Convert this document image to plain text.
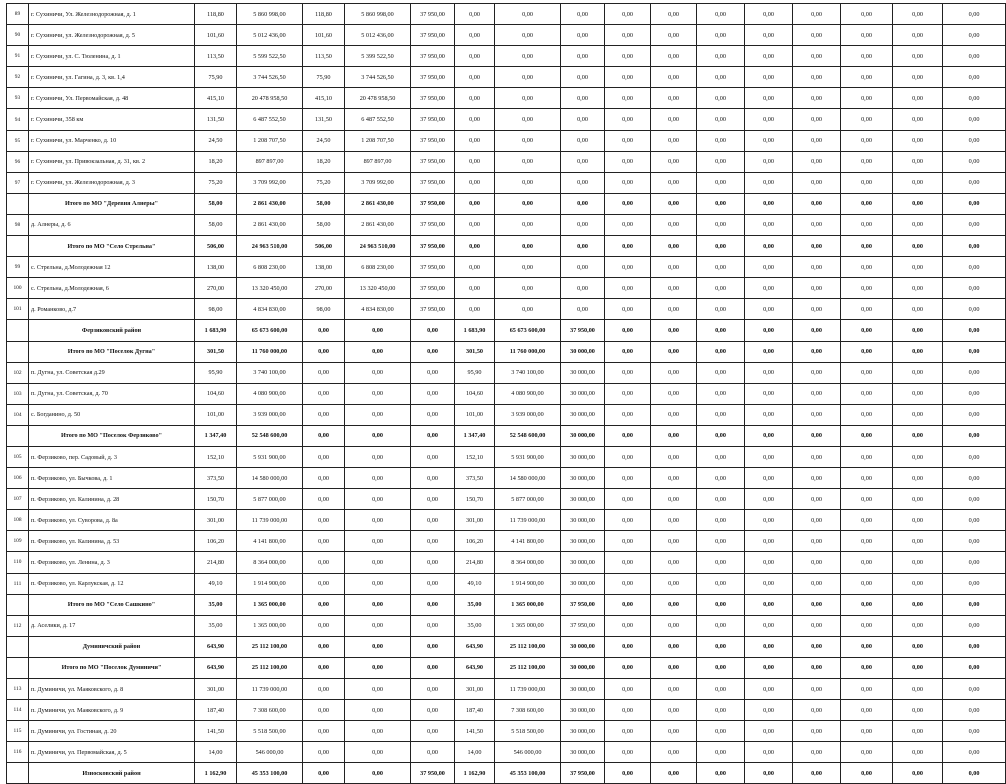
89	г. Сухиничи, Ул. Железнодорожная, д. 1	118,80	5 860 998,00	118,80	5 860 998,00	37 950,00	0,00	0,00	0,00	0,00	0,00	0,00	0,00	0,00	0,00	0,00	0,00
90	г. Сухиничи, ул. Железнодорожная, д. 5	101,60	5 012 436,00	101,60	5 012 436,00	37 950,00	0,00	0,00	0,00	0,00	0,00	0,00	0,00	0,00	0,00	0,00	0,00
91	г. Сухиничи, ул. С. Тюленина, д. 1	113,50	5 599 522,50	113,50	5 399 522,50	37 950,00	0,00	0,00	0,00	0,00	0,00	0,00	0,00	0,00	0,00	0,00	0,00
92	г. Сухиничи, ул. Гагина, д. 3, кв. 1,4	75,90	3 744 526,50	75,90	3 744 526,50	37 950,00	0,00	0,00	0,00	0,00	0,00	0,00	0,00	0,00	0,00	0,00	0,00
93	г. Сухиничи, Ул. Первомайская, д. 48	415,10	20 478 958,50	415,10	20 478 958,50	37 950,00	0,00	0,00	0,00	0,00	0,00	0,00	0,00	0,00	0,00	0,00	0,00
94	г. Сухиничи, 358 км	131,50	6 487 552,50	131,50	6 487 552,50	37 950,00	0,00	0,00	0,00	0,00	0,00	0,00	0,00	0,00	0,00	0,00	0,00
95	г. Сухиничи, ул. Марченко, д. 10	24,50	1 208 707,50	24,50	1 208 707,50	37 950,00	0,00	0,00	0,00	0,00	0,00	0,00	0,00	0,00	0,00	0,00	0,00
96	г. Сухиничи, ул. Привокзальная, д. 31, кв. 2	18,20	897 897,00	18,20	897 897,00	37 950,00	0,00	0,00	0,00	0,00	0,00	0,00	0,00	0,00	0,00	0,00	0,00
97	г. Сухиничи, ул. Железнодорожная, д. 3	75,20	3 709 992,00	75,20	3 709 992,00	37 950,00	0,00	0,00	0,00	0,00	0,00	0,00	0,00	0,00	0,00	0,00	0,00
	Итого по МО "Деревня Алнеры"	58,00	2 861 430,00	58,00	2 861 430,00	37 950,00	0,00	0,00	0,00	0,00	0,00	0,00	0,00	0,00	0,00	0,00	0,00
98	д. Алнеры, д. 6	58,00	2 861 430,00	58,00	2 861 430,00	37 950,00	0,00	0,00	0,00	0,00	0,00	0,00	0,00	0,00	0,00	0,00	0,00
	Итого по МО "Село Стрельна"	506,00	24 963 510,00	506,00	24 963 510,00	37 950,00	0,00	0,00	0,00	0,00	0,00	0,00	0,00	0,00	0,00	0,00	0,00
99	с. Стрельна, д.Молодежная 12	138,00	6 808 230,00	138,00	6 808 230,00	37 950,00	0,00	0,00	0,00	0,00	0,00	0,00	0,00	0,00	0,00	0,00	0,00
100	с. Стрельна, д.Молодежная, 6	270,00	13 320 450,00	270,00	13 320 450,00	37 950,00	0,00	0,00	0,00	0,00	0,00	0,00	0,00	0,00	0,00	0,00	0,00
101	д. Романково, д.7	98,00	4 834 830,00	98,00	4 834 830,00	37 950,00	0,00	0,00	0,00	0,00	0,00	0,00	0,00	0,00	0,00	0,00	0,00
	Ферзиковский район	1 683,90	65 673 600,00	0,00	0,00	0,00	1 683,90	65 673 600,00	37 950,00	0,00	0,00	0,00	0,00	0,00	0,00	0,00	0,00
	Итого по МО "Поселок Дугна"	301,50	11 760 000,00	0,00	0,00	0,00	301,50	11 760 000,00	30 000,00	0,00	0,00	0,00	0,00	0,00	0,00	0,00	0,00
102	п. Дугна, ул. Советская д.29	95,90	3 740 100,00	0,00	0,00	0,00	95,90	3 740 100,00	30 000,00	0,00	0,00	0,00	0,00	0,00	0,00	0,00	0,00
103	п. Дугна, ул. Советская, д. 70	104,60	4 080 900,00	0,00	0,00	0,00	104,60	4 080 900,00	30 000,00	0,00	0,00	0,00	0,00	0,00	0,00	0,00	0,00
104	с. Богданино, д. 50	101,00	3 939 000,00	0,00	0,00	0,00	101,00	3 939 000,00	30 000,00	0,00	0,00	0,00	0,00	0,00	0,00	0,00	0,00
	Итого по МО "Поселок Ферзиково"	1 347,40	52 548 600,00	0,00	0,00	0,00	1 347,40	52 548 600,00	30 000,00	0,00	0,00	0,00	0,00	0,00	0,00	0,00	0,00
105	п. Ферзиково, пер. Садовый, д. 3	152,10	5 931 900,00	0,00	0,00	0,00	152,10	5 931 900,00	30 000,00	0,00	0,00	0,00	0,00	0,00	0,00	0,00	0,00
106	п. Ферзиково, ул. Бычкова, д. 1	373,50	14 580 000,00	0,00	0,00	0,00	373,50	14 580 000,00	30 000,00	0,00	0,00	0,00	0,00	0,00	0,00	0,00	0,00
107	п. Ферзиково, ул. Калинина, д. 28	150,70	5 877 000,00	0,00	0,00	0,00	150,70	5 877 000,00	30 000,00	0,00	0,00	0,00	0,00	0,00	0,00	0,00	0,00
108	п. Ферзиково, ул. Суворова, д. 8а	301,00	11 739 000,00	0,00	0,00	0,00	301,00	11 739 000,00	30 000,00	0,00	0,00	0,00	0,00	0,00	0,00	0,00	0,00
109	п. Ферзиково, ул. Калинина, д. 53	106,20	4 141 800,00	0,00	0,00	0,00	106,20	4 141 800,00	30 000,00	0,00	0,00	0,00	0,00	0,00	0,00	0,00	0,00
110	п. Ферзиково, ул. Ленина, д. 3	214,80	8 364 000,00	0,00	0,00	0,00	214,80	8 364 000,00	30 000,00	0,00	0,00	0,00	0,00	0,00	0,00	0,00	0,00
111	п. Ферзиково, ул. Карлукская, д. 12	49,10	1 914 900,00	0,00	0,00	0,00	49,10	1 914 900,00	30 000,00	0,00	0,00	0,00	0,00	0,00	0,00	0,00	0,00
	Итого по МО "Село Сашкино"	35,00	1 365 000,00	0,00	0,00	0,00	35,00	1 365 000,00	37 950,00	0,00	0,00	0,00	0,00	0,00	0,00	0,00	0,00
112	д. Аселики, д. 17	35,00	1 365 000,00	0,00	0,00	0,00	35,00	1 365 000,00	37 950,00	0,00	0,00	0,00	0,00	0,00	0,00	0,00	0,00
	Думиничский район	643,90	25 112 100,00	0,00	0,00	0,00	643,90	25 112 100,00	30 000,00	0,00	0,00	0,00	0,00	0,00	0,00	0,00	0,00
	Итого по МО "Поселок Думиничи"	643,90	25 112 100,00	0,00	0,00	0,00	643,90	25 112 100,00	30 000,00	0,00	0,00	0,00	0,00	0,00	0,00	0,00	0,00
113	п. Думиничи, ул. Маяковского, д. 8	301,00	11 739 000,00	0,00	0,00	0,00	301,00	11 739 000,00	30 000,00	0,00	0,00	0,00	0,00	0,00	0,00	0,00	0,00
114	п. Думиничи, ул. Маяковского, д. 9	187,40	7 308 600,00	0,00	0,00	0,00	187,40	7 308 600,00	30 000,00	0,00	0,00	0,00	0,00	0,00	0,00	0,00	0,00
115	п. Думиничи, ул. Гостиная, д. 20	141,50	5 518 500,00	0,00	0,00	0,00	141,50	5 518 500,00	30 000,00	0,00	0,00	0,00	0,00	0,00	0,00	0,00	0,00
116	п. Думиничи, ул. Первомайская, д. 5	14,00	546 000,00	0,00	0,00	0,00	14,00	546 000,00	30 000,00	0,00	0,00	0,00	0,00	0,00	0,00	0,00	0,00
	Износковский район	1 162,90	45 353 100,00	0,00	0,00	37 950,00	1 162,90	45 353 100,00	37 950,00	0,00	0,00	0,00	0,00	0,00	0,00	0,00	0,00
